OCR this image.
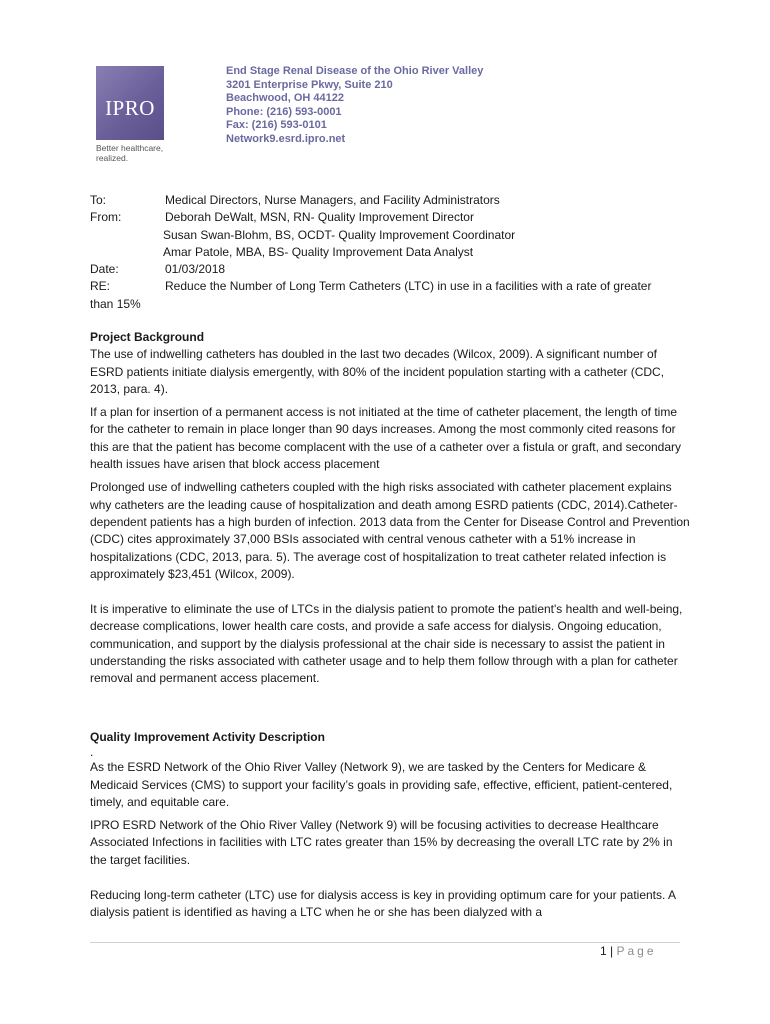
IPRO
Better healthcare,
realized.
End Stage Renal Disease of the Ohio River Valley
3201 Enterprise Pkwy, Suite 210
Beachwood, OH 44122
Phone: (216) 593-0001
Fax: (216) 593-0101
Network9.esrd.ipro.net
To:	Medical Directors, Nurse Managers, and Facility Administrators
From:	Deborah DeWalt, MSN, RN- Quality Improvement Director
Susan Swan-Blohm, BS, OCDT- Quality Improvement Coordinator
Amar Patole, MBA, BS- Quality Improvement Data Analyst
Date:	01/03/2018
RE:	Reduce the Number of Long Term Catheters (LTC) in use in a facilities with a rate of greater
than 15%

Project Background

The use of indwelling catheters has doubled in the last two decades (Wilcox, 2009). A significant number of ESRD patients initiate dialysis emergently, with 80% of the incident population starting with a catheter (CDC, 2013, para. 4).

If a plan for insertion of a permanent access is not initiated at the time of catheter placement, the length of time for the catheter to remain in place longer than 90 days increases. Among the most commonly cited reasons for this are that the patient has become complacent with the use of a catheter over a fistula or graft, and secondary health issues have arisen that block access placement

Prolonged use of indwelling catheters coupled with the high risks associated with catheter placement explains why catheters are the leading cause of hospitalization and death among ESRD patients (CDC, 2014).Catheter-dependent patients has a high burden of infection. 2013 data from the Center for Disease Control and Prevention (CDC) cites approximately 37,000 BSIs associated with central venous catheter with a 51% increase in hospitalizations (CDC, 2013, para. 5). The average cost of hospitalization to treat catheter related infection is approximately $23,451 (Wilcox, 2009).

It is imperative to eliminate the use of LTCs in the dialysis patient to promote the patient's health and well-being, decrease complications, lower health care costs, and provide a safe access for dialysis. Ongoing education, communication, and support by the dialysis professional at the chair side is necessary to assist the patient in understanding the risks associated with catheter usage and to help them follow through with a plan for catheter removal and permanent access placement.

Quality Improvement Activity Description

.

As the ESRD Network of the Ohio River Valley (Network 9), we are tasked by the Centers for Medicare & Medicaid Services (CMS) to support your facility’s goals in providing safe, effective, efficient, patient-centered, timely, and equitable care.

IPRO ESRD Network of the Ohio River Valley (Network 9) will be focusing activities to decrease Healthcare Associated Infections in facilities with LTC rates greater than 15% by decreasing the overall LTC rate by 2% in the target facilities.

Reducing long-term catheter (LTC) use for dialysis access is key in providing optimum care for your patients. A dialysis patient is identified as having a LTC when he or she has been dialyzed with a

1 | Page
